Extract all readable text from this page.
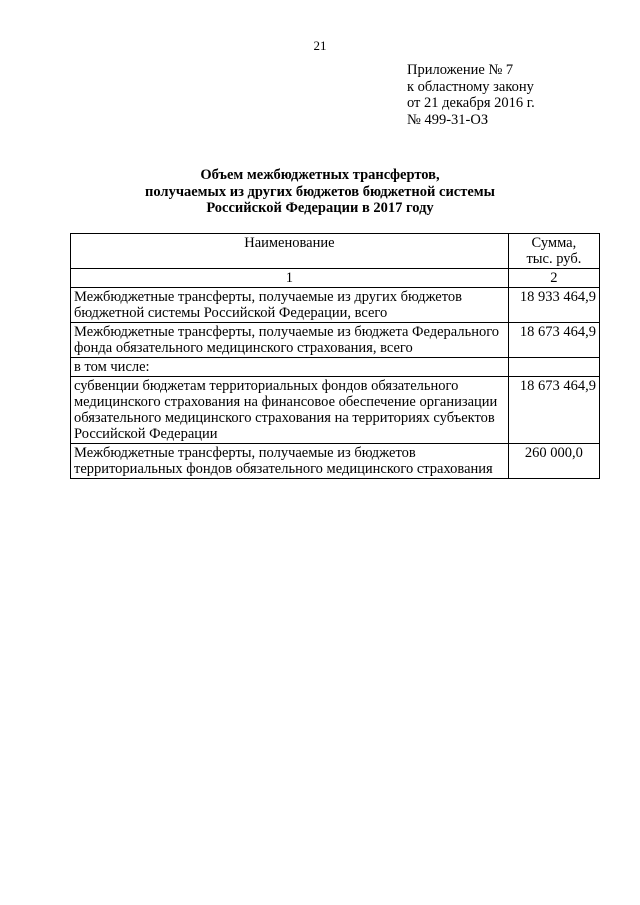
21
Приложение № 7
к областному закону
от 21 декабря 2016 г.
№ 499-31-ОЗ
Объем межбюджетных трансфертов,
получаемых из других бюджетов бюджетной системы
Российской Федерации в 2017 году
Наименование	Сумма,
тыс. руб.

1	2
Межбюджетные трансферты, получаемые из других бюджетов бюджетной системы Российской Федерации, всего	18 933 464,9
Межбюджетные трансферты, получаемые из бюджета Федерального фонда обязательного медицинского страхования, всего	18 673 464,9
в том числе:	
субвенции бюджетам территориальных фондов обязательного медицинского страхования на финансовое обеспечение организации обязательного медицинского страхования на территориях субъектов Российской Федерации	18 673 464,9
Межбюджетные трансферты, получаемые из бюджетов территориальных фондов обязательного медицинского страхования	260 000,0
